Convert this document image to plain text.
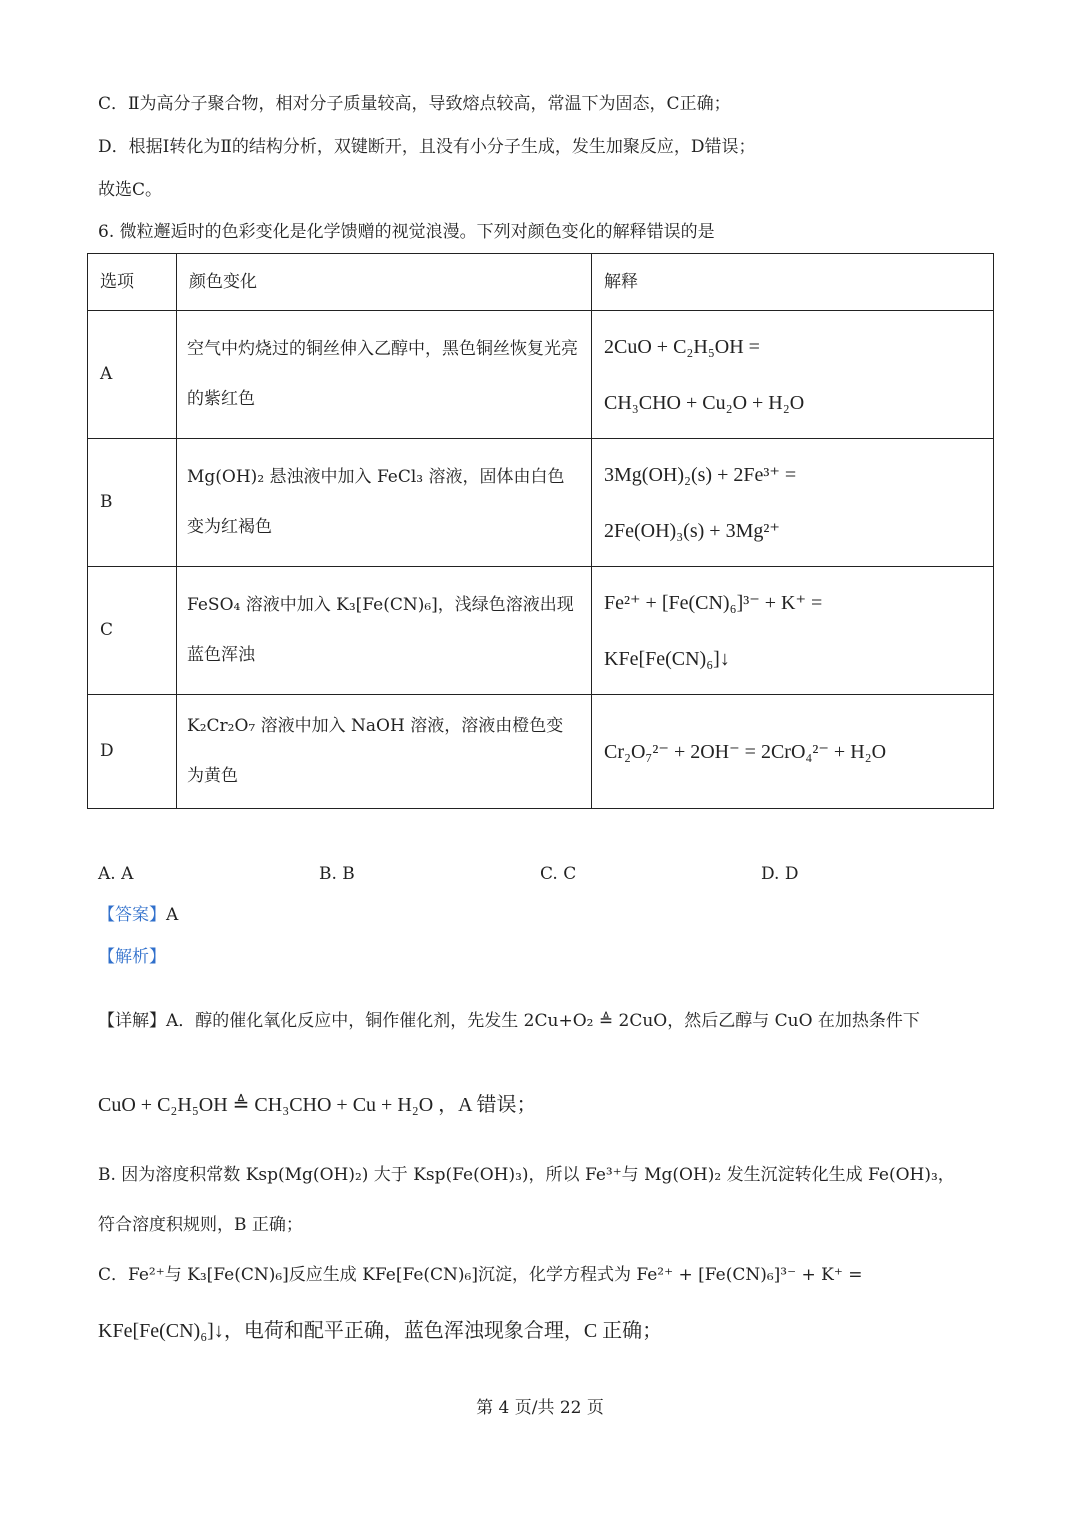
C．Ⅱ为高分子聚合物，相对分子质量较高，导致熔点较高，常温下为固态，C正确；
D．根据Ⅰ转化为Ⅱ的结构分析，双键断开，且没有小分子生成，发生加聚反应，D错误；
故选C。
6. 微粒邂逅时的色彩变化是化学馈赠的视觉浪漫。下列对颜色变化的解释错误的是
选项	颜色变化	解释
A	空气中灼烧过的铜丝伸入乙醇中，黑色铜丝恢复光亮的紫红色	2CuO + C₂H₅OH =
CH₃CHO + Cu₂O + H₂O

B	Mg(OH)₂ 悬浊液中加入 FeCl₃ 溶液，固体由白色变为红褐色	3Mg(OH)₂(s) + 2Fe³⁺ =
2Fe(OH)₃(s) + 3Mg²⁺

C	FeSO₄ 溶液中加入 K₃[Fe(CN)₆]，浅绿色溶液出现蓝色浑浊	Fe²⁺ + [Fe(CN)₆]³⁻ + K⁺ =
KFe[Fe(CN)₆]↓

D	K₂Cr₂O₇ 溶液中加入 NaOH 溶液，溶液由橙色变为黄色	Cr₂O₇²⁻ + 2OH⁻ = 2CrO₄²⁻ + H₂O
A. A	B. B	C. C	D. D
【答案】A
【解析】
【详解】A．醇的催化氧化反应中，铜作催化剂，先发生 2Cu+O₂ ≜ 2CuO，然后乙醇与 CuO 在加热条件下
CuO + C₂H₅OH ≜ CH₃CHO + Cu + H₂O ，A 错误；
B. 因为溶度积常数 Ksp(Mg(OH)₂) 大于 Ksp(Fe(OH)₃)，所以 Fe³⁺与 Mg(OH)₂ 发生沉淀转化生成 Fe(OH)₃，
符合溶度积规则，B 正确；
C．Fe²⁺与 K₃[Fe(CN)₆]反应生成 KFe[Fe(CN)₆]沉淀，化学方程式为 Fe²⁺ + [Fe(CN)₆]³⁻ + K⁺ =
KFe[Fe(CN)₆]↓，电荷和配平正确，蓝色浑浊现象合理，C 正确；
第 4 页/共 22 页
